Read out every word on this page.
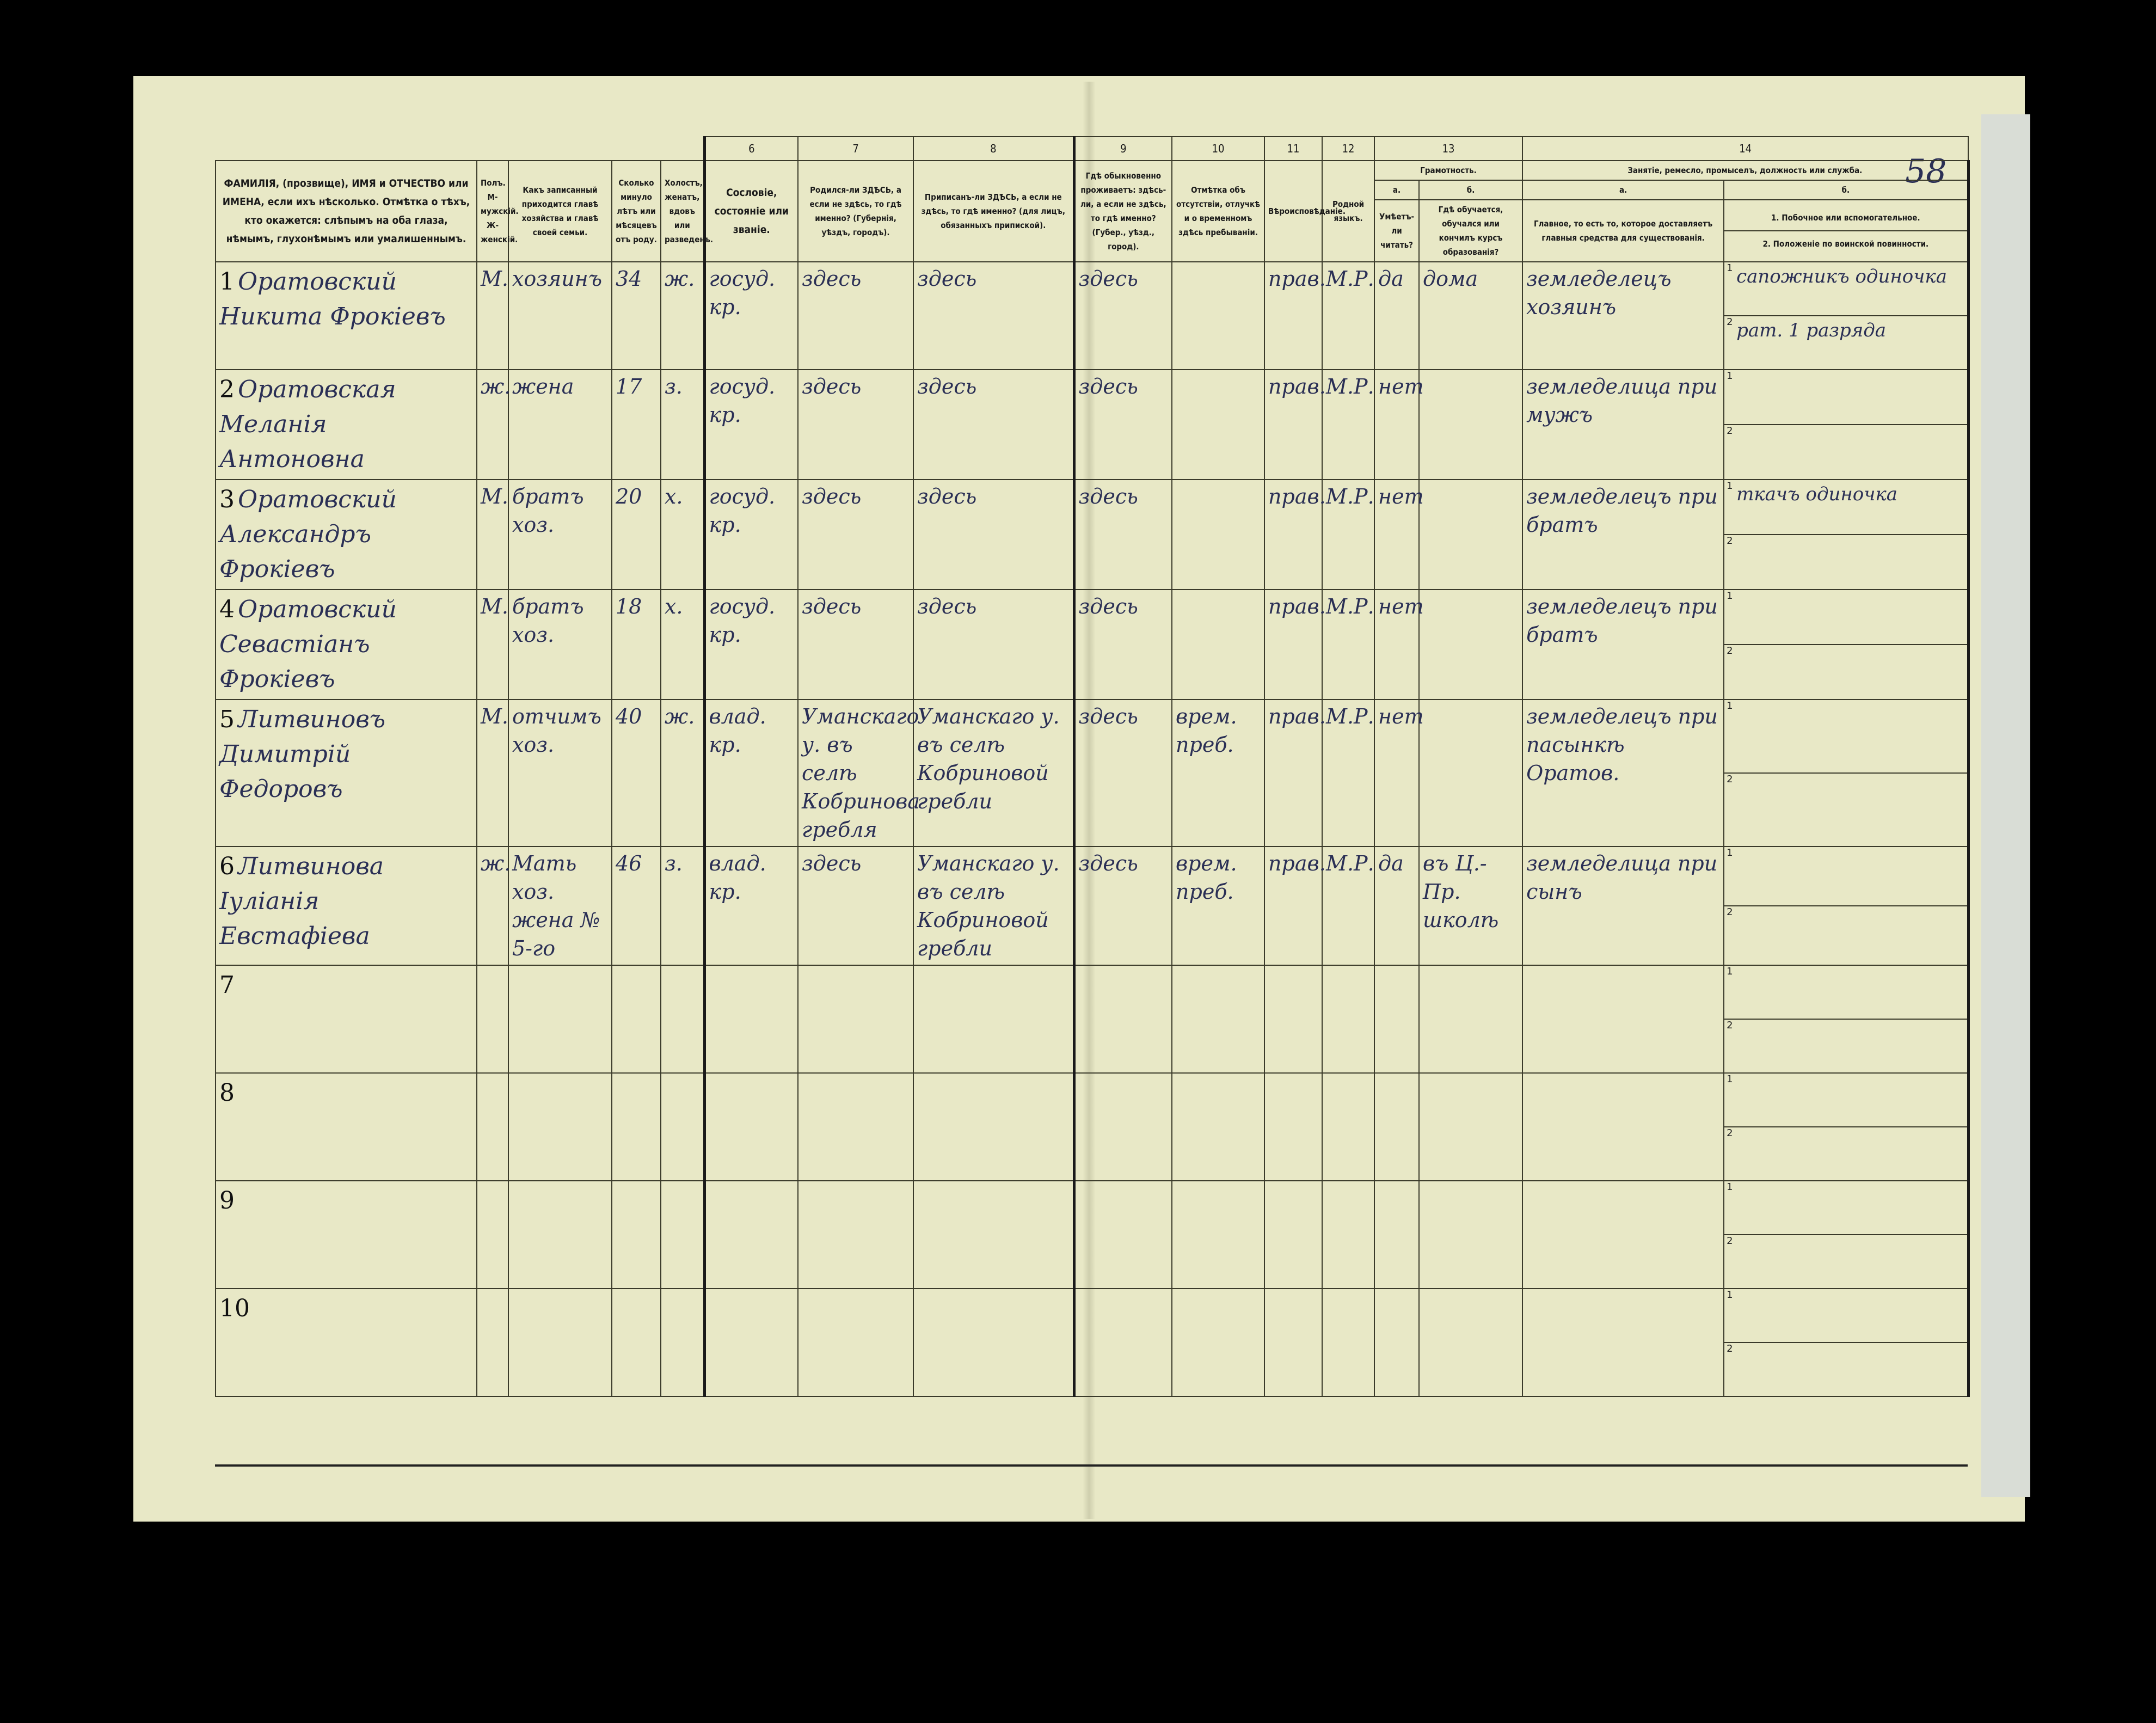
58
					6	7	8	9	10	11	12	13		14	
ФАМИЛІЯ, (прозвище), ИМЯ и ОТЧЕСТВО или ИМЕНА, если ихъ нѣсколько. Отмѣтка о тѣхъ, кто окажется: слѣпымъ на оба глаза, нѣмымъ, глухонѣмымъ или умалишеннымъ.	Полъ. М-мужскій. Ж-женскій.	Какъ записанный приходится главѣ хозяйства и главѣ своей семьи.	Сколько минуло лѣтъ или мѣсяцевъ отъ роду.	Холостъ, женатъ, вдовъ или разведенъ.	Сословіе, состояніе или званіе.	Родился-ли ЗДѢСЬ, а если не здѣсь, то гдѣ именно? (Губернія, уѣздъ, городъ).	Приписанъ-ли ЗДѢСЬ, а если не здѣсь, то гдѣ именно? (для лицъ, обязанныхъ припиской).	Гдѣ обыкновенно проживаетъ: здѣсь-ли, а если не здѣсь, то гдѣ именно? (Губер., уѣзд., город).	Отмѣтка объ отсутствіи, отлучкѣ и о временномъ здѣсь пребываніи.	Вѣроисповѣданіе.	Родной языкъ.	Грамотность.		Занятіе, ремесло, промыселъ, должность или служба.	
												а.	б.	а.	б.
												Умѣетъ-ли читать?	Гдѣ обучается, обучался или кончилъ курсъ образованія?	Главное, то есть то, которое доставляетъ главныя средства для существованія.	1. Побочное или вспомогательное.
2. Положеніе по воинской повинности.

1 Оратовский Никита Фрокіевъ	М.	хозяинъ	34	ж.	госуд. кр.	здесь	здесь	здесь		прав.	М.Р.	да	дома	земледелецъ хозяинъ	1 сапожникъ одиночка
2 рат. 1 разряда

2 Оратовская Меланія Антоновна	ж.	жена	17	з.	госуд. кр.	здесь	здесь	здесь		прав.	М.Р.	нет		земледелица при мужъ	1
2

3 Оратовский Александръ Фрокіевъ	М.	братъ хоз.	20	х.	госуд. кр.	здесь	здесь	здесь		прав.	М.Р.	нет		земледелецъ при братъ	1 ткачъ одиночка
2

4 Оратовский Севастіанъ Фрокіевъ	М.	братъ хоз.	18	х.	госуд. кр.	здесь	здесь	здесь		прав.	М.Р.	нет		земледелецъ при братъ	1
2

5 Литвиновъ Димитрій Федоровъ	М.	отчимъ хоз.	40	ж.	влад. кр.	Уманскаго у. въ селѣ Кобринова гребля	Уманскаго у. въ селѣ Кобриновой гребли	здесь	врем. преб.	прав.	М.Р.	нет		земледелецъ при пасынкѣ Оратов.	1
2

6 Литвинова Іуліанія Евстафіева	ж.	Мать хоз. жена № 5-го	46	з.	влад. кр.	здесь	Уманскаго у. въ селѣ Кобриновой гребли	здесь	врем. преб.	прав.	М.Р.	да	въ Ц.-Пр. школѣ	земледелица при сынъ	1
2

7															1
2

8															1
2

9															1
2

10															1
2
